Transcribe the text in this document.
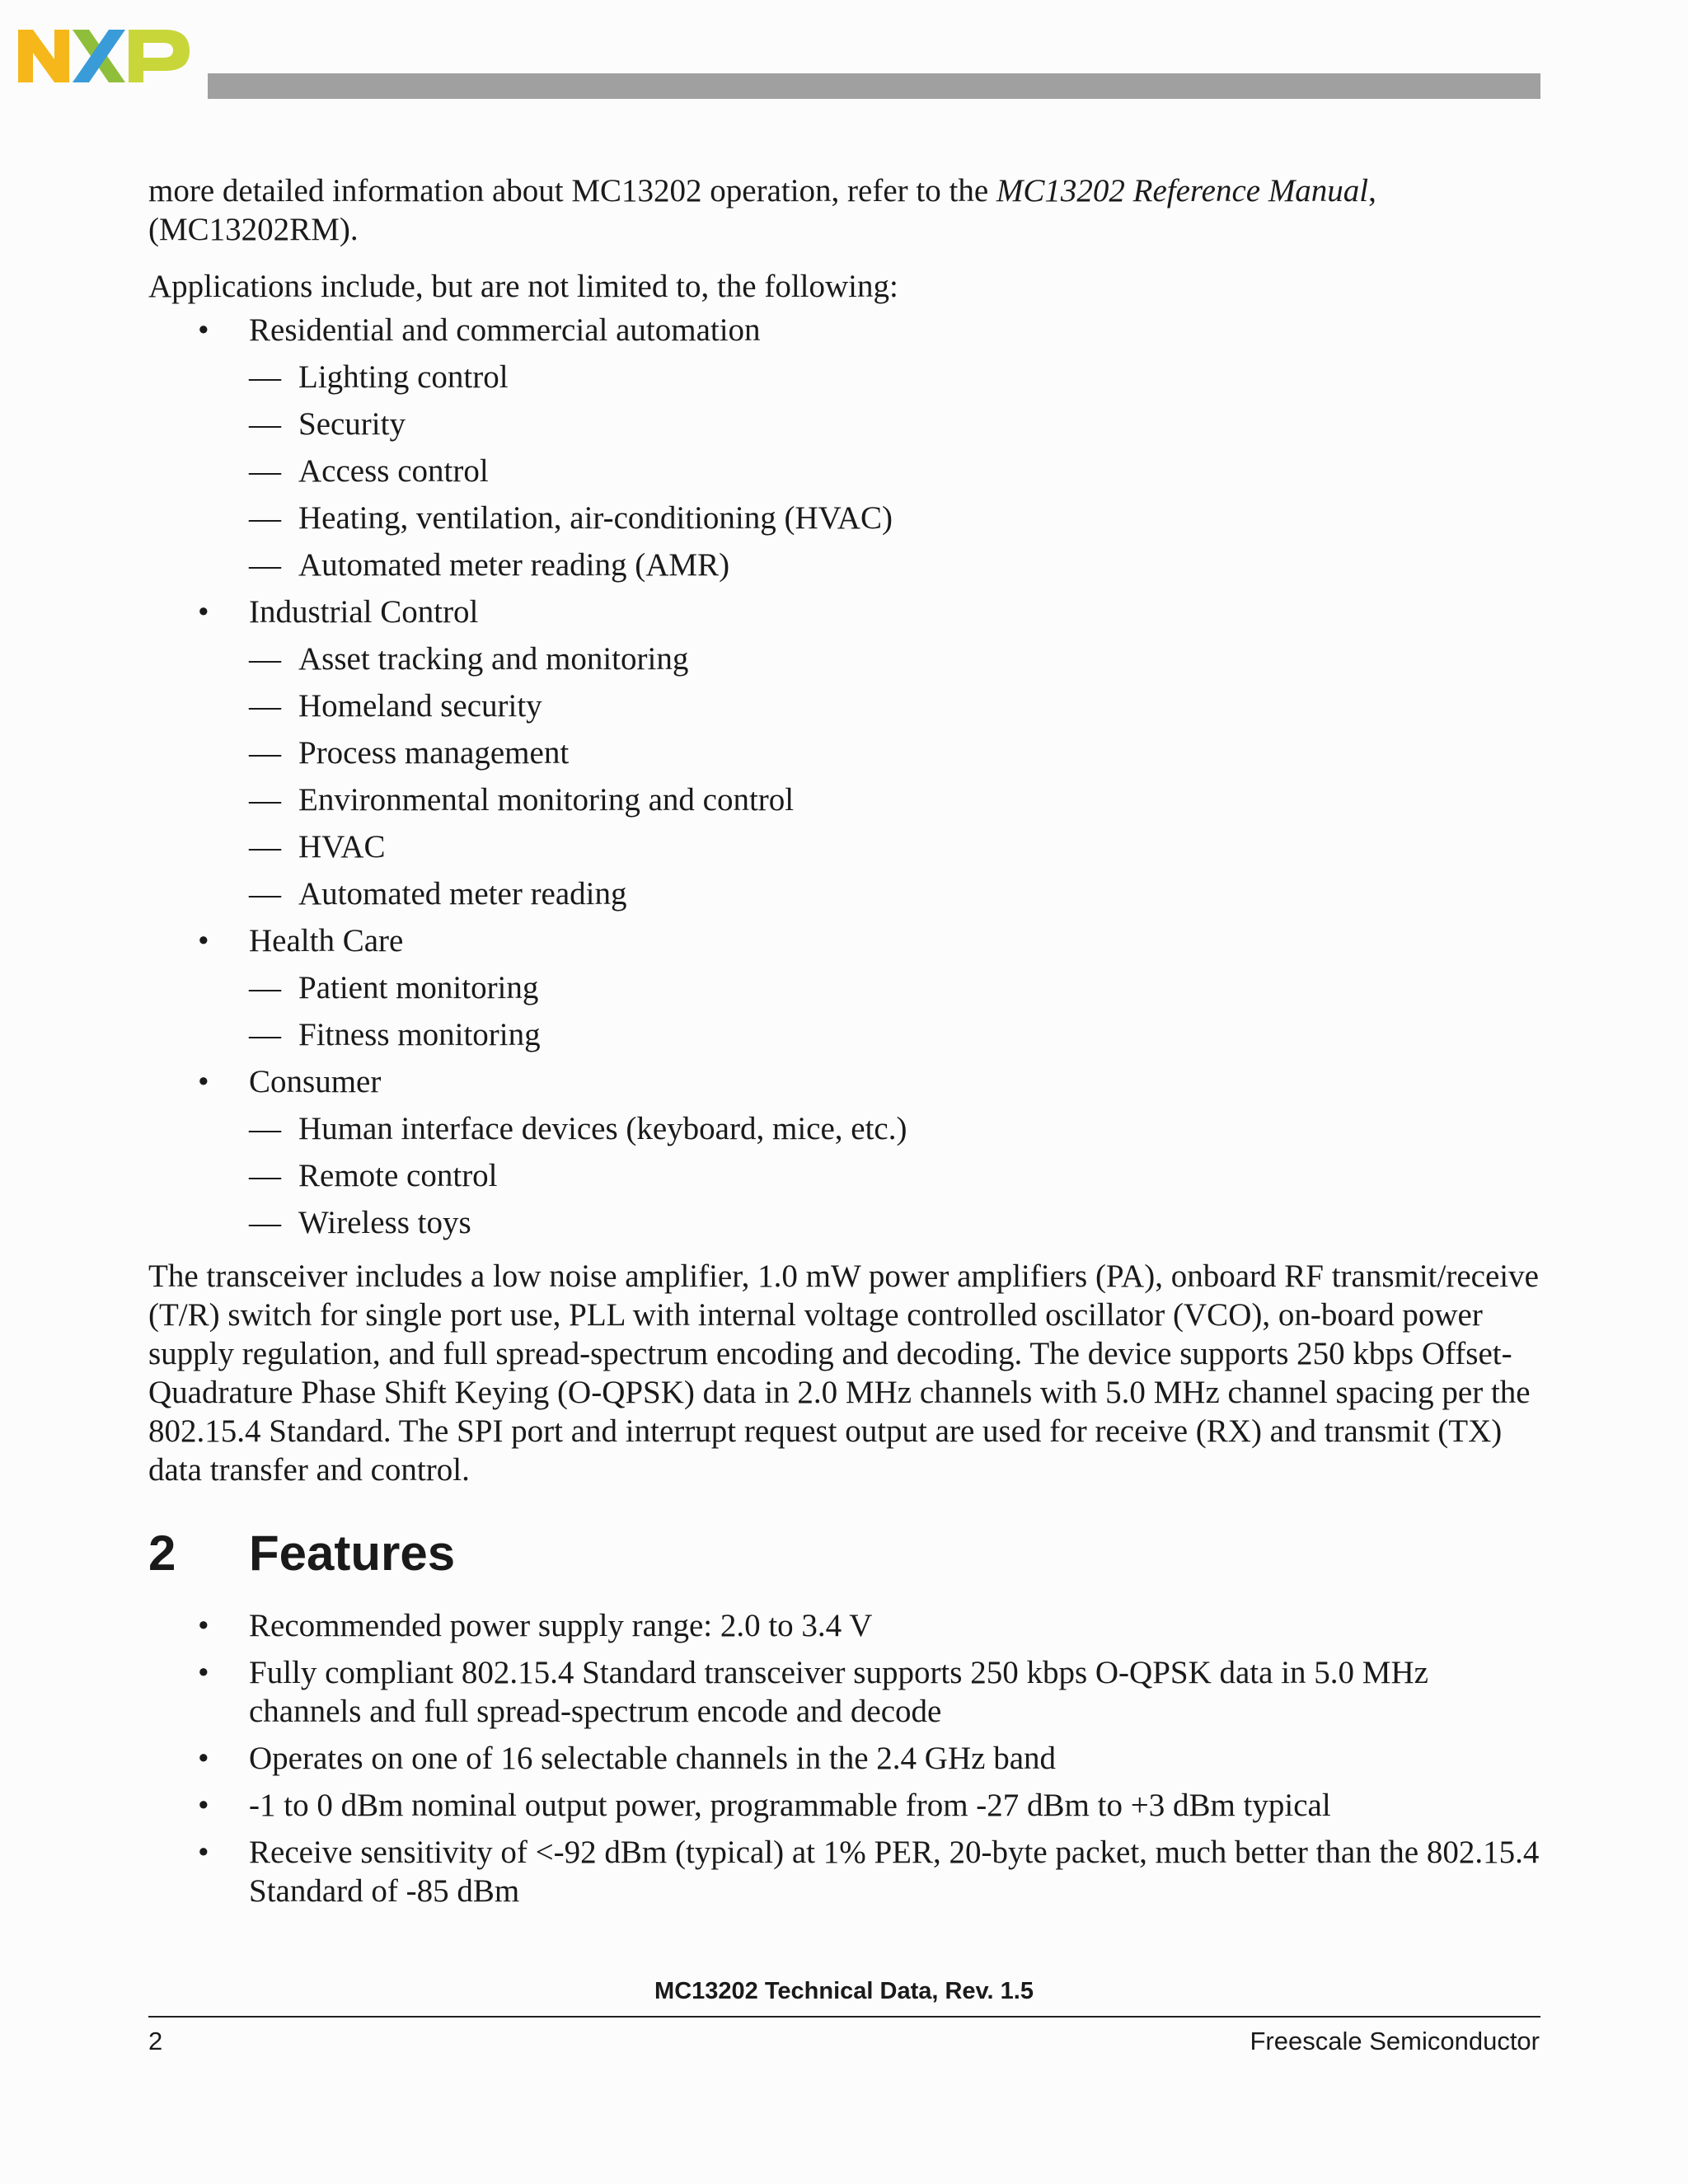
more detailed information about MC13202 operation, refer to the MC13202 Reference Manual, (MC13202RM).

Applications include, but are not limited to, the following:

• Residential and commercial automation
— Lighting control
— Security
— Access control
— Heating, ventilation, air-conditioning (HVAC)
— Automated meter reading (AMR)
• Industrial Control
— Asset tracking and monitoring
— Homeland security
— Process management
— Environmental monitoring and control
— HVAC
— Automated meter reading
• Health Care
— Patient monitoring
— Fitness monitoring
• Consumer
— Human interface devices (keyboard, mice, etc.)
— Remote control
— Wireless toys

The transceiver includes a low noise amplifier, 1.0 mW power amplifiers (PA), onboard RF transmit/receive (T/R) switch for single port use, PLL with internal voltage controlled oscillator (VCO), on-board power supply regulation, and full spread-spectrum encoding and decoding. The device supports 250 kbps Offset-Quadrature Phase Shift Keying (O-QPSK) data in 2.0 MHz channels with 5.0 MHz channel spacing per the 802.15.4 Standard. The SPI port and interrupt request output are used for receive (RX) and transmit (TX) data transfer and control.

2 Features
• Recommended power supply range: 2.0 to 3.4 V
• Fully compliant 802.15.4 Standard transceiver supports 250 kbps O-QPSK data in 5.0 MHz channels and full spread-spectrum encode and decode
• Operates on one of 16 selectable channels in the 2.4 GHz band
• -1 to 0 dBm nominal output power, programmable from -27 dBm to +3 dBm typical
• Receive sensitivity of <-92 dBm (typical) at 1% PER, 20-byte packet, much better than the 802.15.4 Standard of -85 dBm
MC13202 Technical Data, Rev. 1.5
2	Freescale Semiconductor
